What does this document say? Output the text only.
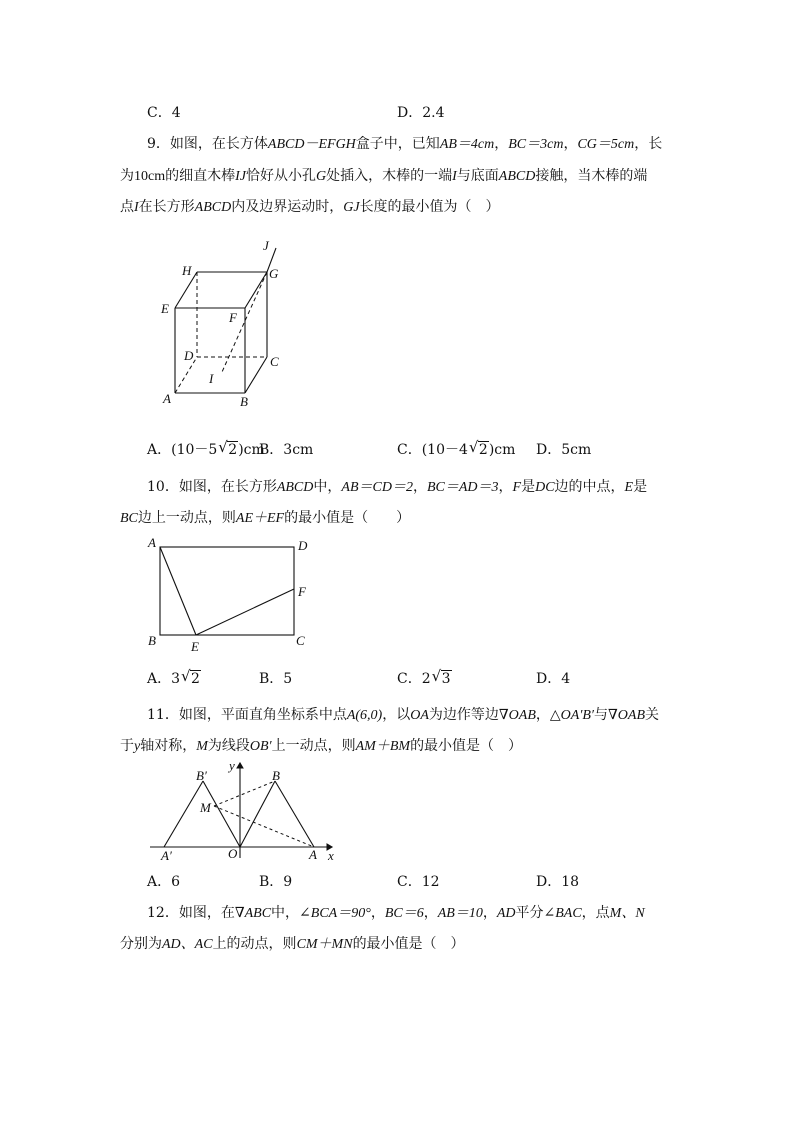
C．4	D．2.4
9．如图，在长方体ABCD－EFGH盒子中，已知AB＝4cm，BC＝3cm，CG＝5cm，长
为10cm的细直木棒IJ恰好从小孔G处插入，木棒的一端I与底面ABCD接触，当木棒的端
点I在长方形ABCD内及边界运动时，GJ长度的最小值为（　）
J
H	G
E
F
D	C
I
A	B
A．(10－5 √ 2)cm
B．3cm	C．(10－4 √ 2)cm D．5cm
10．如图，在长方形ABCD中，AB＝CD＝2，BC＝AD＝3，F是DC边的中点，E是
BC边上一动点，则AE＋EF的最小值是（　　）
A	D
F
B	E	C
A．3 √ 2	B．5	C．2 √ 3	D．4
11．如图，平面直角坐标系中点A(6,0)，以OA为边作等边∇OAB，△OA′B′与∇OAB关
于y轴对称，M为线段OB′上一动点，则AM＋BM的最小值是（　）
y
B′	B
M
A′	O	A x
A．6	B．9	C．12	D．18
12．如图，在∇ABC中，∠BCA＝90°，BC＝6，AB＝10，AD平分∠BAC，点M、N
分别为AD、AC上的动点，则CM＋MN的最小值是（　）
